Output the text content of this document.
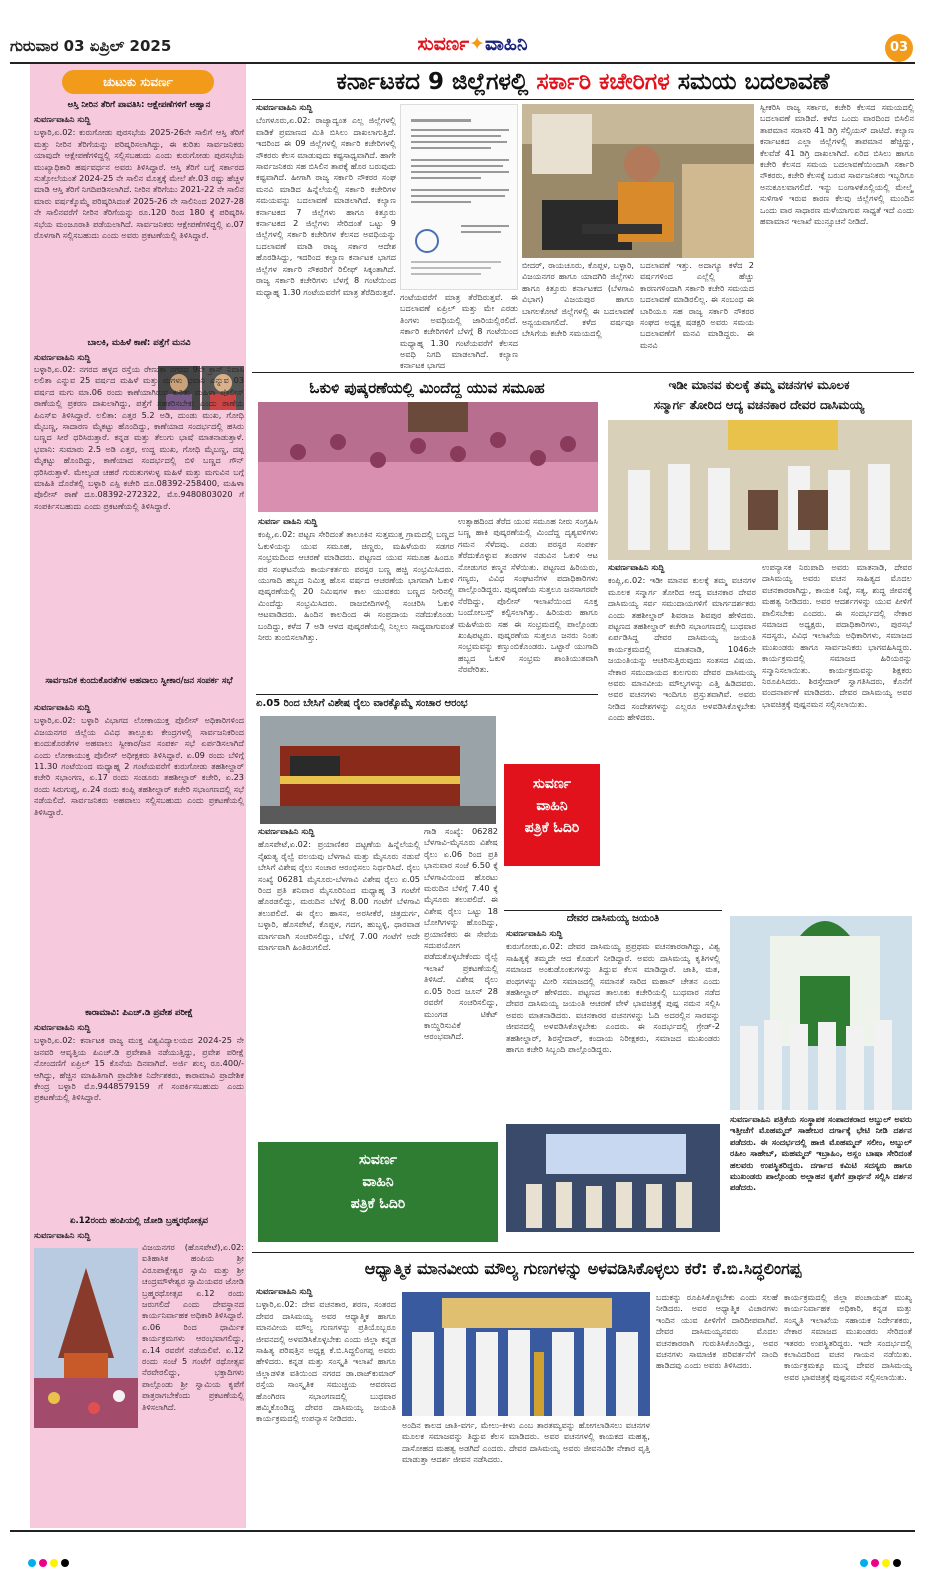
ಗುರುವಾರ 03 ಏಪ್ರಿಲ್ 2025	ಸುವರ್ಣ✦ವಾಹಿನಿ	03
ಚುಟುಕು ಸುವರ್ಣ
ಅಸ್ತಿ ನೀರಿನ ತೆರಿಗೆ ಪಾವತಿಸಿ: ಆಕ್ಷೇಪಣೆಗಳಿಗೆ ಅಹ್ವಾನ

ಸುವರ್ಣವಾಹಿನಿ ಸುದ್ದಿ

ಬಳ್ಳಾರಿ,ಏ.02: ಕುರುಗೋಡು ಪುರಸಭೆಯ 2025-26ನೇ ಸಾಲಿಗೆ ಆಸ್ತಿ ತೆರಿಗೆ ಮತ್ತು ನೀರಿನ ತೆರಿಗೆಯನ್ನು ಪರಿಷ್ಕರಿಸಲಾಗಿದ್ದು, ಈ ಕುರಿತು ಸಾರ್ವಜನಿಕರು ಯಾವುದೇ ಆಕ್ಷೇಪಣೆಗಳಿದ್ದಲ್ಲಿ ಸಲ್ಲಿಸಬಹುದು ಎಂದು ಕುರುಗೋಡು ಪುರಸಭೆಯ ಮುಖ್ಯಾಧಿಕಾರಿ ಹರ್ಷವರ್ಧನ ಅವರು ತಿಳಿಸಿದ್ದಾರೆ. ಆಸ್ತಿ ತೆರಿಗೆ ಬಗ್ಗೆ ಸರ್ಕಾರದ ಸುತ್ತೋಲೆಯಂತೆ 2024-25 ನೇ ಸಾಲಿನ ಮೊತ್ತಕ್ಕೆ ಮೇಲೆ ಶೇ.03 ರಷ್ಟು ಹೆಚ್ಚಳ ಮಾಡಿ ಆಸ್ತಿ ತೆರಿಗೆ ನಿಗದಿಪಡಿಸಲಾಗಿದೆ. ನೀರಿನ ತೆರಿಗೆಯು 2021-22 ನೇ ಸಾಲಿನ ಮಾರು ವರ್ಷಕ್ಕೊಮ್ಮೆ ಪರಿಷ್ಕರಿಸಿದಂತೆ 2025-26 ನೇ ಸಾಲಿನಿಂದ 2027-28 ನೇ ಸಾಲಿನವರೆಗೆ ನೀರಿನ ತೆರಿಗೆಯನ್ನು ರೂ.120 ರಿಂದ 180 ಕ್ಕೆ ಪರಿಷ್ಕರಿಸಿ ಸಭೆಯ ಮಂಜೂರಾತಿ ಪಡೆಯಲಾಗಿದೆ. ಸಾರ್ವಜನಿಕರು ಆಕ್ಷೇಪಣೆಗಳಿದ್ದಲ್ಲಿ ಏ.07 ರೊಳಗಾಗಿ ಸಲ್ಲಿಸಬಹುದು ಎಂದು ಅವರು ಪ್ರಕಟಣೆಯಲ್ಲಿ ತಿಳಿಸಿದ್ದಾರೆ.

ಬಾಲಕಿ, ಮಹಿಳೆ ಕಾಣೆ: ಪತ್ತೆಗೆ ಮನವಿ

ಸುವರ್ಣವಾಹಿನಿ ಸುದ್ದಿ

ಬಳ್ಳಾರಿ,ಏ.02: ನಗರದ ಹಳ್ಳದ ರಸ್ತೆಯ ರೇಣುಕಾ ನಗರದ 9ನೇ ಕ್ರಾಸ್ ನಿವಾಸಿ ಲಲಿತಾ ಎನ್ನುವ 25 ವರ್ಷದ ಮಹಿಳೆ ಮತ್ತು ಮಗಳು ಭವಾನಿ ಎನ್ನುವ 03 ವರ್ಷದ ಮಗು ಮಾ.06 ರಂದು ಕಾಣೆಯಾಗಿರುವ ಕುರಿತು ಮಹಿಳಾ ಪೊಲೀಸ್ ಠಾಣೆಯಲ್ಲಿ ಪ್ರಕರಣ ದಾಖಲಾಗಿದ್ದು, ಪತ್ತೆಗೆ ಸಹಕರಿಸಬೇಕು ಎಂದು ಠಾಣೆಯ ಪಿಎಸ್ಐ ತಿಳಿಸಿದ್ದಾರೆ. ಲಲಿತಾ: ಎತ್ತರ 5.2 ಅಡಿ, ದುಂಡು ಮುಖ, ಗೋಧಿ ಮೈಬಣ್ಣ, ಸಾದಾರಣ ಮೈಕಟ್ಟು ಹೊಂದಿದ್ದು, ಕಾಣೆಯಾದ ಸಂದರ್ಭದಲ್ಲಿ ಹಸಿರು ಬಣ್ಣದ ಸೀರೆ ಧರಿಸಿರುತ್ತಾರೆ. ಕನ್ನಡ ಮತ್ತು ತೆಲುಗು ಭಾಷೆ ಮಾತನಾಡುತ್ತಾಳೆ. ಭವಾನಿ: ಸುಮಾರು 2.5 ಅಡಿ ಎತ್ತರ, ಉದ್ದ ಮುಖ, ಗೋಧಿ ಮೈಬಣ್ಣ, ದಪ್ಪ ಮೈಕಟ್ಟು ಹೊಂದಿದ್ದು, ಕಾಣೆಯಾದ ಸಂದರ್ಭದಲ್ಲಿ ಬಿಳಿ ಬಣ್ಣದ ಗೌನ್ ಧರಿಸಿರುತ್ತಾಳೆ. ಮೇಲ್ಕಂಡ ಚಹರೆ ಗುರುತುಗಳುಳ್ಳ ಮಹಿಳೆ ಮತ್ತು ಮಗುವಿನ ಬಗ್ಗೆ ಮಾಹಿತಿ ದೊರೆತಲ್ಲಿ ಬಳ್ಳಾರಿ ಎಸ್ಪಿ ಕಚೇರಿ ದೂ.08392-258400, ಮಹಿಳಾ ಪೊಲೀಸ್ ಠಾಣೆ ದೂ.08392-272322, ಮೊ.9480803020 ಗೆ ಸಂಪರ್ಕಿಸಬಹುದು ಎಂದು ಪ್ರಕಟಣೆಯಲ್ಲಿ ತಿಳಿಸಿದ್ದಾರೆ.

ಸಾರ್ವಜನಿಕ ಕುಂದುಕೊರತೆಗಳ ಅಹವಾಲು ಸ್ವೀಕಾರ/ಜನ ಸಂಪರ್ಕ ಸಭೆ

ಸುವರ್ಣವಾಹಿನಿ ಸುದ್ದಿ

ಬಳ್ಳಾರಿ,ಏ.02: ಬಳ್ಳಾರಿ ವಿಭಾಗದ ಲೋಕಾಯುಕ್ತ ಪೊಲೀಸ್ ಅಧಿಕಾರಿಗಳಿಂದ ವಿಜಯನಗರ ಜಿಲ್ಲೆಯ ವಿವಿಧ ತಾಲ್ಲೂಕು ಕೇಂದ್ರಗಳಲ್ಲಿ ಸಾರ್ವಜನಿಕರಿಂದ ಕುಂದುಕೊರತೆಗಳ ಅಹವಾಲು ಸ್ವೀಕಾರ/ಜನ ಸಂಪರ್ಕ ಸಭೆ ಏರ್ಪಡಿಸಲಾಗಿದೆ ಎಂದು ಲೋಕಾಯುಕ್ತ ಪೊಲೀಸ್ ಅಧೀಕ್ಷಕರು ತಿಳಿಸಿದ್ದಾರೆ. ಏ.09 ರಂದು ಬೆಳಿಗ್ಗೆ 11.30 ಗಂಟೆಯಿಂದ ಮಧ್ಯಾಹ್ನ 2 ಗಂಟೆಯವರೆಗೆ ಕುರುಗೋಡು ತಹಶೀಲ್ದಾರ್ ಕಚೇರಿ ಸಭಾಂಗಣ, ಏ.17 ರಂದು ಸಂಡೂರು ತಹಶೀಲ್ದಾರ್ ಕಚೇರಿ, ಏ.23 ರಂದು ಸಿರುಗುಪ್ಪ, ಏ.24 ರಂದು ಕಂಪ್ಲಿ ತಹಶೀಲ್ದಾರ್ ಕಚೇರಿ ಸಭಾಂಗಣದಲ್ಲಿ ಸಭೆ ನಡೆಯಲಿದೆ. ಸಾರ್ವಜನಿಕರು ಅಹವಾಲು ಸಲ್ಲಿಸಬಹುದು ಎಂದು ಪ್ರಕಟಣೆಯಲ್ಲಿ ತಿಳಿಸಿದ್ದಾರೆ.

ಕಾರಾಮಾವಿ: ಪಿಎಚ್.ಡಿ ಪ್ರವೇಶ ಪರೀಕ್ಷೆ

ಸುವರ್ಣವಾಹಿನಿ ಸುದ್ದಿ

ಬಳ್ಳಾರಿ,ಏ.02: ಕರ್ನಾಟಕ ರಾಜ್ಯ ಮುಕ್ತ ವಿಶ್ವವಿದ್ಯಾಲಯದ 2024-25 ನೇ ಜನವರಿ ಆವೃತ್ತಿಯ ಪಿಎಚ್.ಡಿ ಪ್ರವೇಶಾತಿ ನಡೆಯುತ್ತಿದ್ದು, ಪ್ರವೇಶ ಪರೀಕ್ಷೆ ನೋಂದಣಿಗೆ ಏಪ್ರಿಲ್ 15 ಕೊನೆಯ ದಿನವಾಗಿದೆ. ಅರ್ಜಿ ಶುಲ್ಕ ರೂ.400/- ಆಗಿದ್ದು, ಹೆಚ್ಚಿನ ಮಾಹಿತಿಗಾಗಿ ಪ್ರಾದೇಶಿಕ ನಿರ್ದೇಶಕರು, ಕಾರಾಮಾವಿ ಪ್ರಾದೇಶಿಕ ಕೇಂದ್ರ ಬಳ್ಳಾರಿ ಮೊ.9448579159 ಗೆ ಸಂಪರ್ಕಿಸಬಹುದು ಎಂದು ಪ್ರಕಟಣೆಯಲ್ಲಿ ತಿಳಿಸಿದ್ದಾರೆ.

ಏ.12ರಂದು ಹಂಪಿಯಲ್ಲಿ ಜೋಡಿ ಬ್ರಹ್ಮರಥೋತ್ಸವ

ಸುವರ್ಣವಾಹಿನಿ ಸುದ್ದಿ

ವಿಜಯನಗರ (ಹೊಸಪೇಟೆ),ಏ.02: ಐತಿಹಾಸಿಕ ಹಂಪಿಯ ಶ್ರೀ ವಿರೂಪಾಕ್ಷೇಶ್ವರ ಸ್ವಾಮಿ ಮತ್ತು ಶ್ರೀ ಚಂದ್ರಮೌಳೇಶ್ವರ ಸ್ವಾಮಿಯವರ ಜೋಡಿ ಬ್ರಹ್ಮರಥೋತ್ಸವ ಏ.12 ರಂದು ಜರುಗಲಿದೆ ಎಂದು ದೇವಸ್ಥಾನದ ಕಾರ್ಯನಿರ್ವಾಹಕ ಅಧಿಕಾರಿ ತಿಳಿಸಿದ್ದಾರೆ. ಏ.06 ರಿಂದ ಧಾರ್ಮಿಕ ಕಾರ್ಯಕ್ರಮಗಳು ಆರಂಭವಾಗಲಿದ್ದು, ಏ.14 ರವರೆಗೆ ನಡೆಯಲಿವೆ. ಏ.12 ರಂದು ಸಂಜೆ 5 ಗಂಟೆಗೆ ರಥೋತ್ಸವ ನೆರವೇರಲಿದ್ದು, ಭಕ್ತಾದಿಗಳು ಪಾಲ್ಗೊಂಡು ಶ್ರೀ ಸ್ವಾಮಿಯ ಕೃಪೆಗೆ ಪಾತ್ರರಾಗಬೇಕೆಂದು ಪ್ರಕಟಣೆಯಲ್ಲಿ ತಿಳಿಸಲಾಗಿದೆ.

ಕರ್ನಾಟಕದ 9 ಜಿಲ್ಲೆಗಳಲ್ಲಿ ಸರ್ಕಾರಿ ಕಚೇರಿಗಳ ಸಮಯ ಬದಲಾವಣೆ

ಸುವರ್ಣವಾಹಿನಿ ಸುದ್ದಿ

ಬೆಂಗಳೂರು,ಏ.02: ರಾಜ್ಯಾದ್ಯಂತ ಎಲ್ಲ ಜಿಲ್ಲೆಗಳಲ್ಲಿ ವಾಡಿಕೆ ಪ್ರಮಾಣದ ಮಿತಿ ಬಿಸಿಲು ದಾಖಲಾಗುತ್ತಿದೆ. ಇದರಿಂದ ಈ 09 ಜಿಲ್ಲೆಗಳಲ್ಲಿ ಸರ್ಕಾರಿ ಕಚೇರಿಗಳಲ್ಲಿ ನೌಕರರು ಕೆಲಸ ಮಾಡುವುದು ಕಷ್ಟಸಾಧ್ಯವಾಗಿದೆ. ಹಾಗೇ ಸಾರ್ವಜನಿಕರು ಸಹ ಬಿಸಿಲಿನ ತಾಪಕ್ಕೆ ಹೊರ ಬರುವುದು ಕಷ್ಟವಾಗಿದೆ. ಹೀಗಾಗಿ ರಾಜ್ಯ ಸರ್ಕಾರಿ ನೌಕರರ ಸಂಘ ಮನವಿ ಮಾಡಿದ ಹಿನ್ನೆಲೆಯಲ್ಲಿ ಸರ್ಕಾರಿ ಕಚೇರಿಗಳ ಸಮಯವನ್ನು ಬದಲಾವಣೆ ಮಾಡಲಾಗಿದೆ. ಕಲ್ಯಾಣ ಕರ್ನಾಟಕದ 7 ಜಿಲ್ಲೆಗಳು ಹಾಗೂ ಕಿತ್ತೂರು ಕರ್ನಾಟಕದ 2 ಜಿಲ್ಲೆಗಳು ಸೇರಿದಂತೆ ಒಟ್ಟು 9 ಜಿಲ್ಲೆಗಳಲ್ಲಿ ಸರ್ಕಾರಿ ಕಚೇರಿಗಳ ಕೆಲಸದ ಅವಧಿಯನ್ನು ಬದಲಾವಣೆ ಮಾಡಿ ರಾಜ್ಯ ಸರ್ಕಾರ ಆದೇಶ ಹೊರಡಿಸಿದ್ದು, ಇದರಿಂದ ಕಲ್ಯಾಣ ಕರ್ನಾಟಕ ಭಾಗದ ಜಿಲ್ಲೆಗಳ ಸರ್ಕಾರಿ ನೌಕರರಿಗೆ ರಿಲೀಫ್ ಸಿಕ್ಕಂತಾಗಿದೆ. ರಾಜ್ಯ ಸರ್ಕಾರಿ ಕಚೇರಿಗಳು ಬೆಳಗ್ಗೆ 8 ಗಂಟೆಯಿಂದ ಮಧ್ಯಾಹ್ನ 1.30 ಗಂಟೆಯವರೆಗೆ ಮಾತ್ರ ತೆರೆದಿರುತ್ತವೆ.

ಗಂಟೆಯವರೆಗೆ ಮಾತ್ರ ತೆರೆದಿರುತ್ತವೆ. ಈ ಬದಲಾವಣೆ ಏಪ್ರಿಲ್ ಮತ್ತು ಮೇ ಎರಡು ತಿಂಗಳು ಅವಧಿಯಲ್ಲಿ ಜಾರಿಯಲ್ಲಿರಲಿದೆ. ಸರ್ಕಾರಿ ಕಚೇರಿಗಳಿಗೆ ಬೆಳಗ್ಗೆ 8 ಗಂಟೆಯಿಂದ ಮಧ್ಯಾಹ್ನ 1.30 ಗಂಟೆಯವರೆಗೆ ಕೆಲಸದ ಅವಧಿ ನಿಗದಿ ಮಾಡಲಾಗಿದೆ. ಕಲ್ಯಾಣ ಕರ್ನಾಟಕ ಭಾಗದ

ಬೀದರ್, ರಾಯಚೂರು, ಕೊಪ್ಪಳ, ಬಳ್ಳಾರಿ, ವಿಜಯನಗರ ಹಾಗೂ ಯಾದಗಿರಿ ಜಿಲ್ಲೆಗಳು ಹಾಗೂ ಕಿತ್ತೂರು ಕರ್ನಾಟಕದ (ಬೆಳಗಾವಿ ವಿಭಾಗ) ವಿಜಯಪುರ ಹಾಗೂ ಬಾಗಲಕೋಟೆ ಜಿಲ್ಲೆಗಳಲ್ಲಿ ಈ ಬದಲಾವಣೆ ಅನ್ವಯವಾಗಲಿದೆ. ಕಳೆದ ವರ್ಷವೂ ಬೇಸಿಗೆಯ ಕಚೇರಿ ಸಮಯದಲ್ಲಿ

ಬದಲಾವಣೆ ಇತ್ತು. ಅದಾಗ್ಯೂ ಕಳೆದ 2 ವರ್ಷಗಳಿಂದ ಎಲ್ಲೆಲ್ಲಿ ಹೆಚ್ಚು ಕಾರಣಗಳಿಂದಾಗಿ ಸರ್ಕಾರಿ ಕಚೇರಿ ಸಮಯದ ಬದಲಾವಣೆ ಮಾಡಿರಲಿಲ್ಲ. ಈ ಸಂಬಂಧ ಈ ಬಾರಿಯೂ ಸಹ ರಾಜ್ಯ ಸರ್ಕಾರಿ ನೌಕರರ ಸಂಘದ ಅಧ್ಯಕ್ಷ ಷಡಕ್ಷರಿ ಅವರು ಸಮಯ ಬದಲಾವಣೆಗೆ ಮನವಿ ಮಾಡಿದ್ದರು. ಈ ಮನವಿ

ಸ್ವೀಕರಿಸಿ ರಾಜ್ಯ ಸರ್ಕಾರ, ಕಚೇರಿ ಕೆಲಸದ ಸಮಯದಲ್ಲಿ ಬದಲಾವಣೆ ಮಾಡಿದೆ. ಕಳೆದ ಒಂದು ವಾರದಿಂದ ಬಿಸಿಲಿನ ತಾಪಮಾನ ಸರಾಸರಿ 41 ಡಿಗ್ರಿ ಸೆಲ್ಸಿಯಸ್ ದಾಟಿದೆ. ಕಲ್ಯಾಣ ಕರ್ನಾಟಕದ ಎಲ್ಲಾ ಜಿಲ್ಲೆಗಳಲ್ಲಿ ತಾಪಮಾನ ಹೆಚ್ಚಿದ್ದು, ಕೆಲವೆಡೆ 41 ಡಿಗ್ರಿ ದಾಖಲಾಗಿದೆ. ಏರಿದ ಬಿಸಿಲು ಹಾಗೂ ಕಚೇರಿ ಕೆಲಸದ ಸಮಯ ಬದಲಾವಣೆಯಿಂದಾಗಿ ಸರ್ಕಾರಿ ನೌಕರರು, ಕಚೇರಿ ಕೆಲಸಕ್ಕೆ ಬರುವ ಸಾರ್ವಜನಿಕರು ಇಬ್ಬರಿಗೂ ಅನುಕೂಲವಾಗಲಿದೆ. ಇನ್ನು ಬಂಗಾಳಕೊಲ್ಲಿಯಲ್ಲಿ ಮೇಲ್ಮೈ ಸುಳಿಗಾಳಿ ಇರುವ ಕಾರಣ ಕೆಲವು ಜಿಲ್ಲೆಗಳಲ್ಲಿ ಮುಂದಿನ ಒಂದು ವಾರ ಸಾಧಾರಣ ಮಳೆಯಾಗುವ ಸಾಧ್ಯತೆ ಇದೆ ಎಂದು ಹವಾಮಾನ ಇಲಾಖೆ ಮುನ್ಸೂಚನೆ ನೀಡಿದೆ.

ಓಕುಳಿ ಪುಷ್ಕರಣೆಯಲ್ಲಿ ಮಿಂದೆದ್ದ ಯುವ ಸಮೂಹ

ಸುವರ್ಣ ವಾಹಿನಿ ಸುದ್ದಿ

ಕಂಪ್ಲಿ,ಏ.02: ಪಟ್ಟಣ ಸೇರಿದಂತೆ ತಾಲೂಕಿನ ಸುತ್ತಮುತ್ತ ಗ್ರಾಮದಲ್ಲಿ ಬಣ್ಣದ ಓಕುಳಿಯನ್ನು ಯುವ ಸಮೂಹ, ಚಿಣ್ಣರು, ಮಹಿಳೆಯರು ಸಡಗರ ಸಂಭ್ರಮದಿಂದ ಆಚರಣೆ ಮಾಡಿದರು. ಪಟ್ಟಣದ ಯುವ ಸಮೂಹ ಹಿಂದೂ ಪರ ಸಂಘಟನೆಯ ಕಾರ್ಯಕರ್ತರು ಪರಸ್ಪರ ಬಣ್ಣ ಹಚ್ಚಿ ಸಂಭ್ರಮಿಸಿದರು. ಯುಗಾದಿ ಹಬ್ಬದ ನಿಮಿತ್ತ ಹೊಸ ವರ್ಷದ ಆಚರಣೆಯ ಭಾಗವಾಗಿ ಓಕುಳಿ ಪುಷ್ಕರಣೆಯಲ್ಲಿ 20 ನಿಮಿಷಗಳ ಕಾಲ ಯುವಕರು ಬಣ್ಣದ ನೀರಿನಲ್ಲಿ ಮಿಂದೆದ್ದು ಸಂಭ್ರಮಿಸಿದರು. ರಾಜಬೀದಿಗಳಲ್ಲಿ ಸಂಚರಿಸಿ ಓಕುಳಿ ಆಟವಾಡಿದರು. ಹಿಂದಿನ ಕಾಲದಿಂದ ಈ ಸಂಪ್ರದಾಯ ನಡೆದುಕೊಂಡು ಬಂದಿದ್ದು, ಕಳೆದ 7 ಅಡಿ ಆಳದ ಪುಷ್ಕರಣೆಯಲ್ಲಿ ನಿಲ್ಲಲು ಸಾಧ್ಯವಾಗುವಂತೆ ನೀರು ತುಂಬಿಸಲಾಗಿತ್ತು.

ಉತ್ಸಾಹದಿಂದ ತೆರೆದ ಯುವ ಸಮೂಹ ನೀರು ಸಂಗ್ರಹಿಸಿ ಬಣ್ಣ ಹಾಕಿ ಪುಷ್ಕರಣೆಯಲ್ಲಿ ಮಿಂದೆದ್ದ ದೃಶ್ಯವಳಿಗಳು ಗಮನ ಸೆಳೆದವು. ಎರಡು ಪರಸ್ಪರ ಸಂಪರ್ಕ ತೆರೆದುಕೊಳ್ಳುವ ತಂಡಗಳ ನಡುವಿನ ಓಕುಳಿ ಆಟ ನೋಡುಗರ ಕಣ್ಮನ ಸೆಳೆಯಿತು. ಪಟ್ಟಣದ ಹಿರಿಯರು, ಗಣ್ಯರು, ವಿವಿಧ ಸಂಘಟನೆಗಳ ಪದಾಧಿಕಾರಿಗಳು ಪಾಲ್ಗೊಂಡಿದ್ದರು. ಪುಷ್ಕರಣೆಯ ಸುತ್ತಲೂ ಜನಸಾಗರವೇ ನೆರೆದಿದ್ದು, ಪೊಲೀಸ್ ಇಲಾಖೆಯಿಂದ ಸೂಕ್ತ ಬಂದೋಬಸ್ತ್ ಕಲ್ಪಿಸಲಾಗಿತ್ತು. ಹಿರಿಯರು ಹಾಗೂ ಮಹಿಳೆಯರು ಸಹ ಈ ಸಂಭ್ರಮದಲ್ಲಿ ಪಾಲ್ಗೊಂಡು ಖುಷಿಪಟ್ಟರು. ಪುಷ್ಕರಣೆಯ ಸುತ್ತಲೂ ಜನರು ನಿಂತು ಸಂಭ್ರಮವನ್ನು ಕಣ್ತುಂಬಿಕೊಂಡರು. ಒಟ್ಟಾರೆ ಯುಗಾದಿ ಹಬ್ಬದ ಓಕುಳಿ ಸಂಭ್ರಮ ಶಾಂತಿಯುತವಾಗಿ ನೆರವೇರಿತು.

ಏ.05 ರಿಂದ ಬೇಸಿಗೆ ವಿಶೇಷ ರೈಲು ವಾರಕ್ಕೊಮ್ಮೆ ಸಂಚಾರ ಆರಂಭ

ಸುವರ್ಣವಾಹಿನಿ ಸುದ್ದಿ

ಹೊಸಪೇಟೆ,ಏ.02: ಪ್ರಯಾಣಿಕರ ದಟ್ಟಣೆಯ ಹಿನ್ನೆಲೆಯಲ್ಲಿ ನೈಋತ್ಯ ರೈಲ್ವೆ ವಲಯವು ಬೆಳಗಾವಿ ಮತ್ತು ಮೈಸೂರು ನಡುವೆ ಬೇಸಿಗೆ ವಿಶೇಷ ರೈಲು ಸಂಚಾರ ಆರಂಭಿಸಲು ನಿರ್ಧರಿಸಿದೆ. ರೈಲು ಸಂಖ್ಯೆ 06281 ಮೈಸೂರು-ಬೆಳಗಾವಿ ವಿಶೇಷ ರೈಲು ಏ.05 ರಿಂದ ಪ್ರತಿ ಶನಿವಾರ ಮೈಸೂರಿನಿಂದ ಮಧ್ಯಾಹ್ನ 3 ಗಂಟೆಗೆ ಹೊರಡಲಿದ್ದು, ಮರುದಿನ ಬೆಳಿಗ್ಗೆ 8.00 ಗಂಟೆಗೆ ಬೆಳಗಾವಿ ತಲುಪಲಿದೆ. ಈ ರೈಲು ಹಾಸನ, ಅರಸೀಕೆರೆ, ಚಿತ್ರದುರ್ಗ, ಬಳ್ಳಾರಿ, ಹೊಸಪೇಟೆ, ಕೊಪ್ಪಳ, ಗದಗ, ಹುಬ್ಬಳ್ಳಿ, ಧಾರವಾಡ ಮಾರ್ಗವಾಗಿ ಸಂಚರಿಸಲಿದ್ದು, ಬೆಳಿಗ್ಗೆ 7.00 ಗಂಟೆಗೆ ಅದೇ ಮಾರ್ಗವಾಗಿ ಹಿಂತಿರುಗಲಿದೆ.

ಗಾಡಿ ಸಂಖ್ಯೆ: 06282 ಬೆಳಗಾವಿ-ಮೈಸೂರು ವಿಶೇಷ ರೈಲು ಏ.06 ರಿಂದ ಪ್ರತಿ ಭಾನುವಾರ ಸಂಜೆ 6.50 ಕ್ಕೆ ಬೆಳಗಾವಿಯಿಂದ ಹೊರಟು ಮರುದಿನ ಬೆಳಿಗ್ಗೆ 7.40 ಕ್ಕೆ ಮೈಸೂರು ತಲುಪಲಿದೆ. ಈ ವಿಶೇಷ ರೈಲು ಒಟ್ಟು 18 ಬೋಗಿಗಳನ್ನು ಹೊಂದಿದ್ದು, ಪ್ರಯಾಣಿಕರು ಈ ಸೇವೆಯ ಸದುಪಯೋಗ ಪಡೆದುಕೊಳ್ಳಬೇಕೆಂದು ರೈಲ್ವೆ ಇಲಾಖೆ ಪ್ರಕಟಣೆಯಲ್ಲಿ ತಿಳಿಸಿದೆ. ವಿಶೇಷ ರೈಲು ಏ.05 ರಿಂದ ಜೂನ್ 28 ರವರೆಗೆ ಸಂಚರಿಸಲಿದ್ದು, ಮುಂಗಡ ಟಿಕೆಟ್ ಕಾಯ್ದಿರಿಸುವಿಕೆ ಆರಂಭವಾಗಿದೆ.

ಸುವರ್ಣ
ವಾಹಿನಿ
ಪತ್ರಿಕೆ ಓದಿರಿ
ಸುವರ್ಣ
ವಾಹಿನಿ
ಪತ್ರಿಕೆ ಓದಿರಿ
ಇಡೀ ಮಾನವ ಕುಲಕ್ಕೆ ತಮ್ಮ ವಚನಗಳ ಮೂಲಕ
ಸನ್ಮಾರ್ಗ ತೋರಿದ ಆದ್ಯ ವಚನಕಾರ ದೇವರ ದಾಸಿಮಯ್ಯ

ಸುವರ್ಣವಾಹಿನಿ ಸುದ್ದಿ

ಕಂಪ್ಲಿ,ಏ.02: ಇಡೀ ಮಾನವ ಕುಲಕ್ಕೆ ತಮ್ಮ ವಚನಗಳ ಮೂಲಕ ಸನ್ಮಾರ್ಗ ತೋರಿದ ಆದ್ಯ ವಚನಕಾರ ದೇವರ ದಾಸಿಮಯ್ಯ ಸರ್ವ ಸಮುದಾಯಗಳಿಗೆ ಮಾರ್ಗದರ್ಶಕರು ಎಂದು ತಹಶೀಲ್ದಾರ್ ಶಿವರಾಜ ಶಿವಪುರ ಹೇಳಿದರು. ಪಟ್ಟಣದ ತಹಶೀಲ್ದಾರ್ ಕಚೇರಿ ಸಭಾಂಗಣದಲ್ಲಿ ಬುಧವಾರ ಏರ್ಪಡಿಸಿದ್ದ ದೇವರ ದಾಸಿಮಯ್ಯ ಜಯಂತಿ ಕಾರ್ಯಕ್ರಮದಲ್ಲಿ ಮಾತನಾಡಿ, 1046ನೇ ಜಯಂತಿಯನ್ನು ಆಚರಿಸುತ್ತಿರುವುದು ಸಂತಸದ ವಿಷಯ. ನೇಕಾರ ಸಮುದಾಯದ ಕುಲಗುರು ದೇವರ ದಾಸಿಮಯ್ಯ ಅವರು ಮಾನವೀಯ ಮೌಲ್ಯಗಳನ್ನು ಎತ್ತಿ ಹಿಡಿದವರು. ಅವರ ವಚನಗಳು ಇಂದಿಗೂ ಪ್ರಸ್ತುತವಾಗಿವೆ. ಅವರು ನೀಡಿದ ಸಂದೇಶಗಳನ್ನು ಎಲ್ಲರೂ ಅಳವಡಿಸಿಕೊಳ್ಳಬೇಕು ಎಂದು ಹೇಳಿದರು.

ಉಪನ್ಯಾಸಕ ನಿರುಪಾದಿ ಅವರು ಮಾತನಾಡಿ, ದೇವರ ದಾಸಿಮಯ್ಯ ಅವರು ವಚನ ಸಾಹಿತ್ಯದ ಮೊದಲ ವಚನಕಾರರಾಗಿದ್ದು, ಕಾಯಕ ನಿಷ್ಠೆ, ಸತ್ಯ, ಶುದ್ಧ ಜೀವನಕ್ಕೆ ಮಹತ್ವ ನೀಡಿದರು. ಅವರ ಆದರ್ಶಗಳನ್ನು ಯುವ ಪೀಳಿಗೆ ಪಾಲಿಸಬೇಕು ಎಂದರು. ಈ ಸಂದರ್ಭದಲ್ಲಿ ನೇಕಾರ ಸಮಾಜದ ಅಧ್ಯಕ್ಷರು, ಪದಾಧಿಕಾರಿಗಳು, ಪುರಸಭೆ ಸದಸ್ಯರು, ವಿವಿಧ ಇಲಾಖೆಯ ಅಧಿಕಾರಿಗಳು, ಸಮಾಜದ ಮುಖಂಡರು ಹಾಗೂ ಸಾರ್ವಜನಿಕರು ಭಾಗವಹಿಸಿದ್ದರು. ಕಾರ್ಯಕ್ರಮದಲ್ಲಿ ಸಮಾಜದ ಹಿರಿಯರನ್ನು ಸನ್ಮಾನಿಸಲಾಯಿತು. ಕಾರ್ಯಕ್ರಮವನ್ನು ಶಿಕ್ಷಕರು ನಿರೂಪಿಸಿದರು. ಶಿರಸ್ತೇದಾರ್ ಸ್ವಾಗತಿಸಿದರು, ಕೊನೆಗೆ ವಂದನಾರ್ಪಣೆ ಮಾಡಿದರು. ದೇವರ ದಾಸಿಮಯ್ಯ ಅವರ ಭಾವಚಿತ್ರಕ್ಕೆ ಪುಷ್ಪನಮನ ಸಲ್ಲಿಸಲಾಯಿತು.

ದೇವರ ದಾಸಿಮಯ್ಯ ಜಯಂತಿ

ಸುವರ್ಣವಾಹಿನಿ ಸುದ್ದಿ

ಕುರುಗೋಡು,ಏ.02: ದೇವರ ದಾಸಿಮಯ್ಯ ಪ್ರಪ್ರಥಮ ವಚನಕಾರರಾಗಿದ್ದು, ವಿಶ್ವ ಸಾಹಿತ್ಯಕ್ಕೆ ತಮ್ಮದೇ ಆದ ಕೊಡುಗೆ ನೀಡಿದ್ದಾರೆ. ಅವರು ದಾಸಿಮಯ್ಯ ಕೃತಿಗಳಲ್ಲಿ ಸಮಾಜದ ಅಂಕುಡೊಂಕುಗಳನ್ನು ತಿದ್ದುವ ಕೆಲಸ ಮಾಡಿದ್ದಾರೆ. ಜಾತಿ, ಮತ, ಪಂಥಗಳನ್ನು ಮೀರಿ ಸಮಾಜದಲ್ಲಿ ಸಮಾನತೆ ಸಾರಿದ ಮಹಾನ್ ಚೇತನ ಎಂದು ತಹಶೀಲ್ದಾರ್ ಹೇಳಿದರು. ಪಟ್ಟಣದ ತಾಲೂಕು ಕಚೇರಿಯಲ್ಲಿ ಬುಧವಾರ ನಡೆದ ದೇವರ ದಾಸಿಮಯ್ಯ ಜಯಂತಿ ಆಚರಣೆ ವೇಳೆ ಭಾವಚಿತ್ರಕ್ಕೆ ಪುಷ್ಪ ನಮನ ಸಲ್ಲಿಸಿ ಅವರು ಮಾತನಾಡಿದರು. ವಚನಕಾರರ ವಚನಗಳನ್ನು ಓದಿ ಅದರಲ್ಲಿನ ಸಾರವನ್ನು ಜೀವನದಲ್ಲಿ ಅಳವಡಿಸಿಕೊಳ್ಳಬೇಕು ಎಂದರು. ಈ ಸಂದರ್ಭದಲ್ಲಿ ಗ್ರೇಡ್-2 ತಹಶೀಲ್ದಾರ್, ಶಿರಸ್ತೇದಾರ್, ಕಂದಾಯ ನಿರೀಕ್ಷಕರು, ಸಮಾಜದ ಮುಖಂಡರು ಹಾಗೂ ಕಚೇರಿ ಸಿಬ್ಬಂದಿ ಪಾಲ್ಗೊಂಡಿದ್ದರು.

ಸುವರ್ಣವಾಹಿನಿ ಪತ್ರಿಕೆಯ ಸಂಸ್ಥಾಪಕ ಸಂಪಾದಕರಾದ ಅಬ್ದುಲ್ ಅವರು ಇತ್ತೀಚೆಗೆ ಮೊಹಮ್ಮದ್ ಸಾಹೇಬರ ದರ್ಗಾಕ್ಕೆ ಭೇಟಿ ನೀಡಿ ದರ್ಶನ ಪಡೆದರು. ಈ ಸಂದರ್ಭದಲ್ಲಿ ಹಾಜಿ ಮೊಹಮ್ಮದ್ ಸಲೀಂ, ಅಬ್ದುಲ್ ರಹೀಂ ಸಾಹೇಬ್, ಮಹಮ್ಮದ್ ಇಬ್ರಾಹಿಂ, ಅಸ್ಲಂ ಬಾಷಾ ಸೇರಿದಂತೆ ಹಲವರು ಉಪಸ್ಥಿತರಿದ್ದರು. ದರ್ಗಾದ ಕಮಿಟಿ ಸದಸ್ಯರು ಹಾಗೂ ಮುಖಂಡರು ಪಾಲ್ಗೊಂಡು ಅಲ್ಲಾಹನ ಕೃಪೆಗೆ ಪ್ರಾರ್ಥನೆ ಸಲ್ಲಿಸಿ ದರ್ಶನ ಪಡೆದರು.
ಆಧ್ಯಾತ್ಮಿಕ ಮಾನವೀಯ ಮೌಲ್ಯ ಗುಣಗಳನ್ನು ಅಳವಡಿಸಿಕೊಳ್ಳಲು ಕರೆ: ಕೆ.ಬಿ.ಸಿದ್ಧಲಿಂಗಪ್ಪ

ಸುವರ್ಣವಾಹಿನಿ ಸುದ್ದಿ

ಬಳ್ಳಾರಿ,ಏ.02: ದೇವ ವಚನಕಾರ, ಶರಣ, ಸಂತರದ ದೇವರ ದಾಸಿಮಯ್ಯ ಅವರ ಆಧ್ಯಾತ್ಮಿಕ ಹಾಗೂ ಮಾನವೀಯ ಮೌಲ್ಯ ಗುಣಗಳನ್ನು ಪ್ರತಿಯೊಬ್ಬರೂ ಜೀವನದಲ್ಲಿ ಅಳವಡಿಸಿಕೊಳ್ಳಬೇಕು ಎಂದು ಜಿಲ್ಲಾ ಕನ್ನಡ ಸಾಹಿತ್ಯ ಪರಿಷತ್ತಿನ ಅಧ್ಯಕ್ಷ ಕೆ.ಬಿ.ಸಿದ್ಧಲಿಂಗಪ್ಪ ಅವರು ಹೇಳಿದರು. ಕನ್ನಡ ಮತ್ತು ಸಂಸ್ಕೃತಿ ಇಲಾಖೆ ಹಾಗೂ ಜಿಲ್ಲಾಡಳಿತ ವತಿಯಿಂದ ನಗರದ ಡಾ.ರಾಜ್‌ಕುಮಾರ್ ರಸ್ತೆಯ ಸಾಂಸ್ಕೃತಿಕ ಸಮುಚ್ಚಯ ಆವರಣದ ಹೊಂಗಿರಣ ಸಭಾಂಗಣದಲ್ಲಿ ಬುಧವಾರ ಹಮ್ಮಿಕೊಂಡಿದ್ದ ದೇವರ ದಾಸಿಮಯ್ಯ ಜಯಂತಿ ಕಾರ್ಯಕ್ರಮದಲ್ಲಿ ಉಪನ್ಯಾಸ ನೀಡಿದರು.

ಅಂದಿನ ಕಾಲದ ಜಾತಿ-ವರ್ಗ, ಮೇಲು-ಕೀಳು ಎಂಬ ತಾರತಮ್ಯವನ್ನು ಹೋಗಲಾಡಿಸಲು ವಚನಗಳ ಮೂಲಕ ಸಮಾಜವನ್ನು ತಿದ್ದುವ ಕೆಲಸ ಮಾಡಿದರು. ಅವರ ವಚನಗಳಲ್ಲಿ ಕಾಯಕದ ಮಹತ್ವ, ದಾಸೋಹದ ಮಹತ್ವ ಅಡಗಿದೆ ಎಂದರು. ದೇವರ ದಾಸಿಮಯ್ಯ ಅವರು ಜೀವನವಿಡೀ ನೇಕಾರ ವೃತ್ತಿ ಮಾಡುತ್ತಾ ಆದರ್ಶ ಜೀವನ ನಡೆಸಿದರು.

ಬದುಕನ್ನು ರೂಪಿಸಿಕೊಳ್ಳಬೇಕು ಎಂದು ಸಲಹೆ ನೀಡಿದರು. ಅವರ ಆಧ್ಯಾತ್ಮಿಕ ವಿಚಾರಗಳು ಇಂದಿನ ಯುವ ಪೀಳಿಗೆಗೆ ದಾರಿದೀಪವಾಗಿವೆ. ದೇವರ ದಾಸಿಮಯ್ಯನವರು ಮೊದಲ ವಚನಕಾರರಾಗಿ ಗುರುತಿಸಿಕೊಂಡಿದ್ದು, ಅವರ ವಚನಗಳು ಸಾಮಾಜಿಕ ಪರಿವರ್ತನೆಗೆ ನಾಂದಿ ಹಾಡಿದವು ಎಂದು ಅವರು ತಿಳಿಸಿದರು.

ಕಾರ್ಯಕ್ರಮದಲ್ಲಿ ಜಿಲ್ಲಾ ಪಂಚಾಯತ್ ಮುಖ್ಯ ಕಾರ್ಯನಿರ್ವಾಹಕ ಅಧಿಕಾರಿ, ಕನ್ನಡ ಮತ್ತು ಸಂಸ್ಕೃತಿ ಇಲಾಖೆಯ ಸಹಾಯಕ ನಿರ್ದೇಶಕರು, ನೇಕಾರ ಸಮಾಜದ ಮುಖಂಡರು ಸೇರಿದಂತೆ ಇತರರು ಉಪಸ್ಥಿತರಿದ್ದರು. ಇದೇ ಸಂದರ್ಭದಲ್ಲಿ ಕಲಾವಿದರಿಂದ ವಚನ ಗಾಯನ ನಡೆಯಿತು. ಕಾರ್ಯಕ್ರಮಕ್ಕೂ ಮುನ್ನ ದೇವರ ದಾಸಿಮಯ್ಯ ಅವರ ಭಾವಚಿತ್ರಕ್ಕೆ ಪುಷ್ಪನಮನ ಸಲ್ಲಿಸಲಾಯಿತು.
